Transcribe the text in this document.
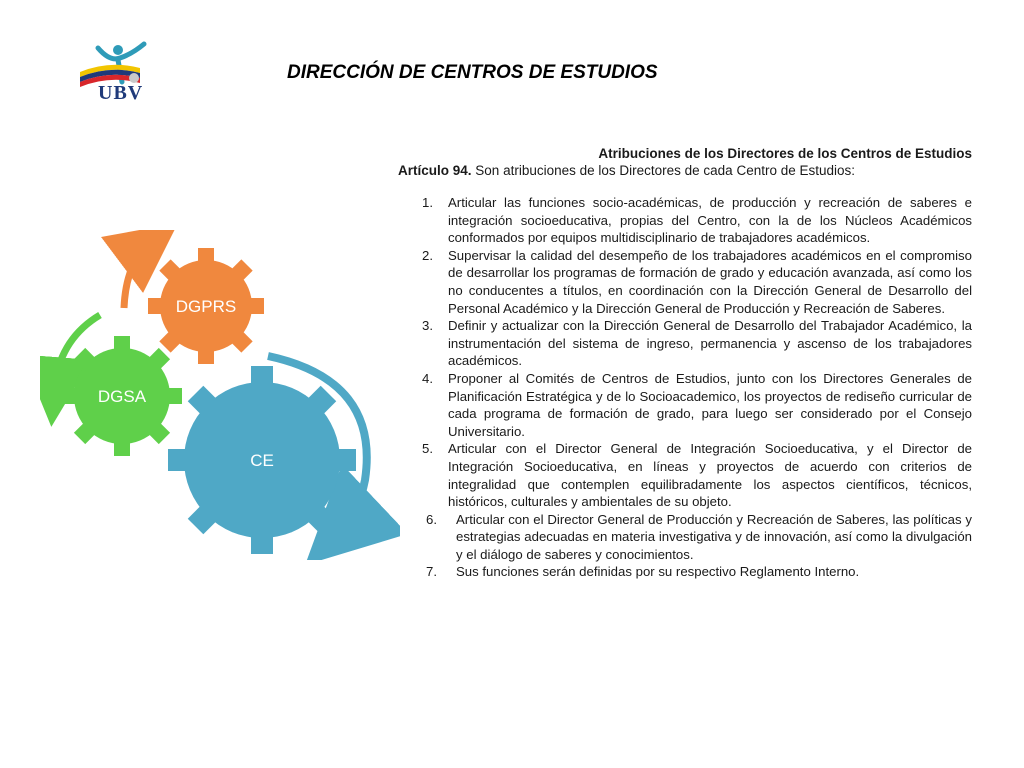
UBV
DIRECCIÓN DE CENTROS DE ESTUDIOS
CE
DGSA
DGPRS
Atribuciones de los Directores de los Centros de Estudios
Artículo 94. Son atribuciones de los Directores de cada Centro de Estudios:
1.	Articular las funciones socio-académicas, de producción y recreación de saberes e integración socioeducativa, propias del Centro, con la de los Núcleos Académicos conformados por equipos multidisciplinario de trabajadores académicos.
2.	Supervisar la calidad del desempeño de los trabajadores académicos en el compromiso de desarrollar los programas de formación de grado y educación avanzada, así como los no conducentes a títulos, en coordinación con la Dirección General de Desarrollo del Personal Académico y la Dirección General de Producción y Recreación de Saberes.
3.	Definir y actualizar con la Dirección General de Desarrollo del Trabajador Académico, la instrumentación del sistema de ingreso, permanencia y ascenso de los trabajadores académicos.
4.	Proponer al Comités de Centros de Estudios, junto con los Directores Generales de Planificación Estratégica y de lo Socioacademico, los proyectos de rediseño curricular de cada programa de formación de grado, para luego ser considerado por el Consejo Universitario.
5.	Articular con el Director General de Integración Socioeducativa, y el Director de Integración Socioeducativa, en líneas y proyectos de acuerdo con criterios de integralidad que contemplen equilibradamente los aspectos científicos, técnicos, históricos, culturales y ambientales de su objeto.
6.	Articular con el Director General de Producción y Recreación de Saberes, las políticas y estrategias adecuadas en materia investigativa y de innovación, así como la divulgación y el diálogo de saberes y conocimientos.
7.	Sus funciones serán definidas por su respectivo Reglamento Interno.
